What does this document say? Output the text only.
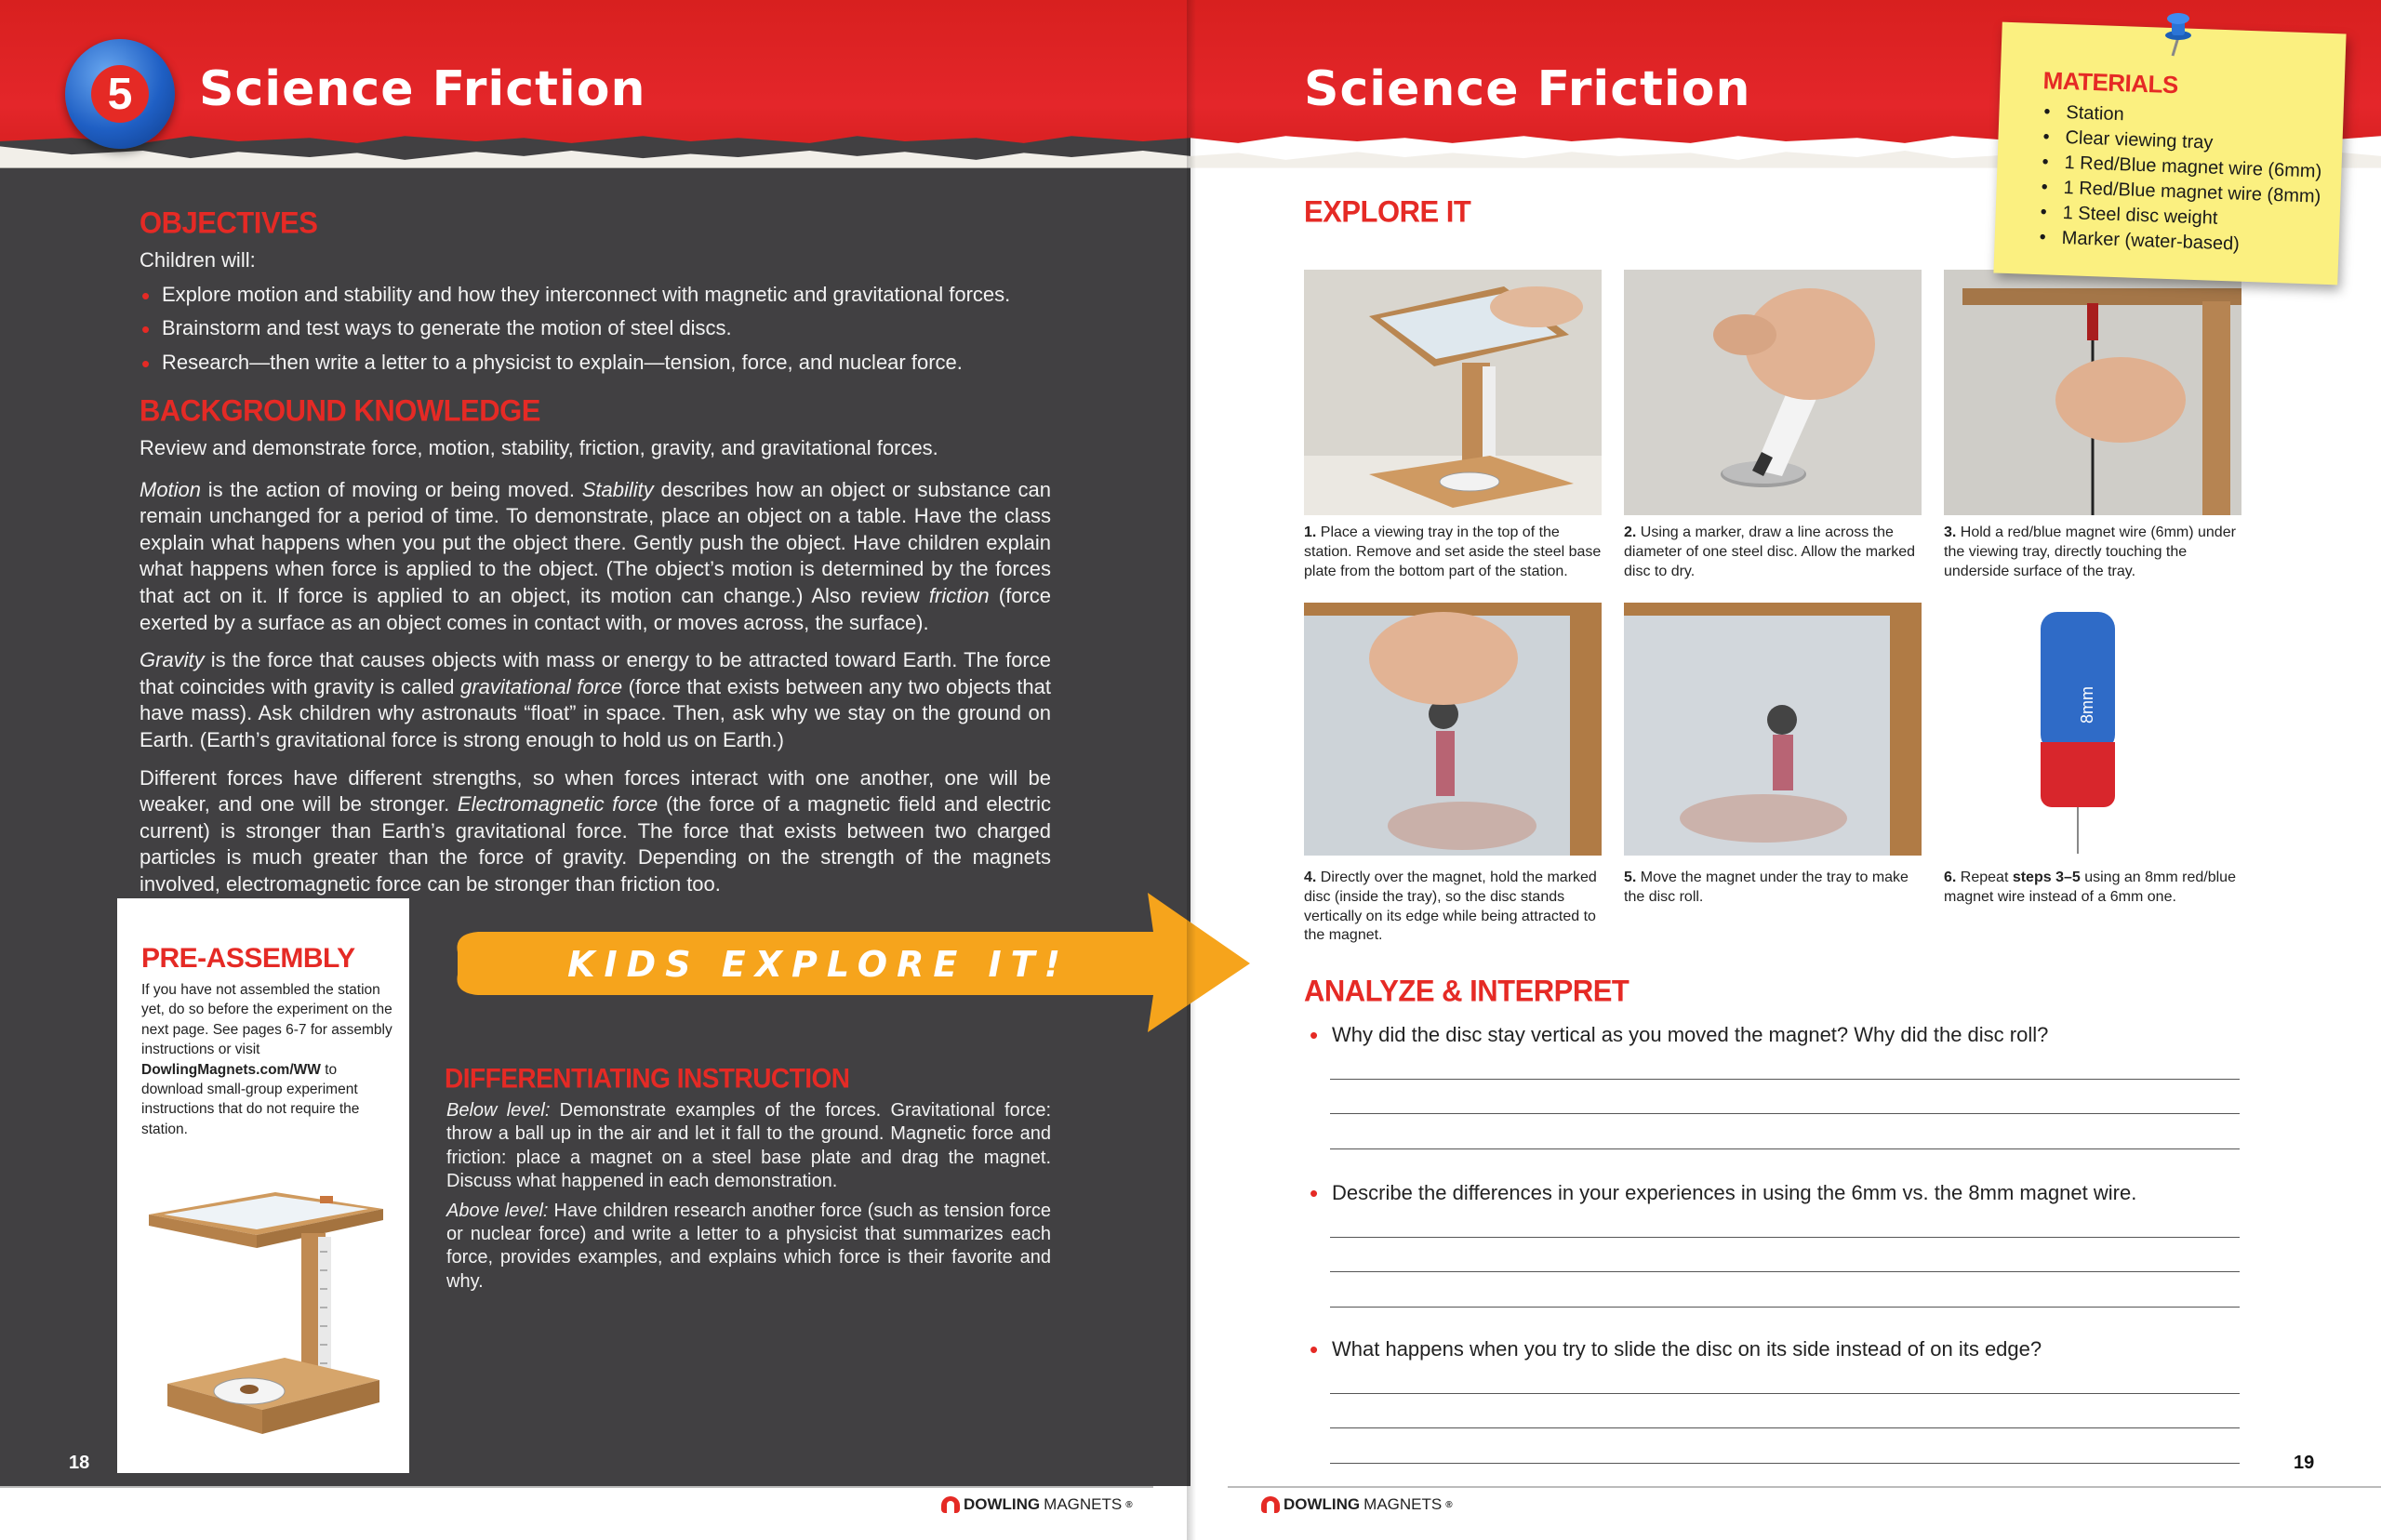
5	Science Friction	Science Friction
OBJECTIVES
Children will:
• Explore motion and stability and how they interconnect with magnetic and gravitational forces.
• Brainstorm and test ways to generate the motion of steel discs.
• Research—then write a letter to a physicist to explain—tension, force, and nuclear force.
BACKGROUND KNOWLEDGE
Review and demonstrate force, motion, stability, friction, gravity, and gravitational forces.
Motion is the action of moving or being moved. Stability describes how an object or substance can remain unchanged for a period of time. To demonstrate, place an object on a table. Have the class explain what happens when you put the object there. Gently push the object. Have children explain what happens when force is applied to the object. (The object’s motion is determined by the forces that act on it. If force is applied to an object, its motion can change.) Also review friction (force exerted by a surface as an object comes in contact with, or moves across, the surface).
Gravity is the force that causes objects with mass or energy to be attracted toward Earth. The force that coincides with gravity is called gravitational force (force that exists between any two objects that have mass). Ask children why astronauts “float” in space. Then, ask why we stay on the ground on Earth. (Earth’s gravitational force is strong enough to hold us on Earth.)
Different forces have different strengths, so when forces interact with one another, one will be weaker, and one will be stronger. Electromagnetic force (the force of a magnetic field and electric current) is stronger than Earth’s gravitational force. The force that exists between two charged particles is much greater than the force of gravity. Depending on the strength of the magnets involved, electromagnetic force can be stronger than friction too.
PRE-ASSEMBLY
If you have not assembled the station yet, do so before the experiment on the next page. See pages 6-7 for assembly instructions or visit DowlingMagnets.com/WW to download small-group experiment instructions that do not require the station.
KIDS EXPLORE IT!
DIFFERENTIATING INSTRUCTION
Below level: Demonstrate examples of the forces. Gravitational force: throw a ball up in the air and let it fall to the ground. Magnetic force and friction: place a magnet on a steel base plate and drag the magnet. Discuss what happened in each demonstration.
Above level: Have children research another force (such as tension force or nuclear force) and write a letter to a physicist that summarizes each force, provides examples, and explains which force is their favorite and why.
18
DOWLING MAGNETS ®	DOWLING MAGNETS ®
MATERIALS
• Station
• Clear viewing tray
• 1 Red/Blue magnet wire (6mm)
• 1 Red/Blue magnet wire (8mm)
• 1 Steel disc weight
• Marker (water-based)
EXPLORE IT
1. Place a viewing tray in the top of the station. Remove and set aside the steel base plate from the bottom part of the station.
2. Using a marker, draw a line across the diameter of one steel disc. Allow the marked disc to dry.
3. Hold a red/blue magnet wire (6mm) under the viewing tray, directly touching the underside surface of the tray.
4. Directly over the magnet, hold the marked disc (inside the tray), so the disc stands vertically on its edge while being attracted to the magnet.
5. Move the magnet under the tray to make the disc roll.
8mm
6. Repeat steps 3–5 using an 8mm red/blue magnet wire instead of a 6mm one.
ANALYZE & INTERPRET
• Why did the disc stay vertical as you moved the magnet? Why did the disc roll?
• Describe the differences in your experiences in using the 6mm vs. the 8mm magnet wire.
• What happens when you try to slide the disc on its side instead of on its edge?
19
